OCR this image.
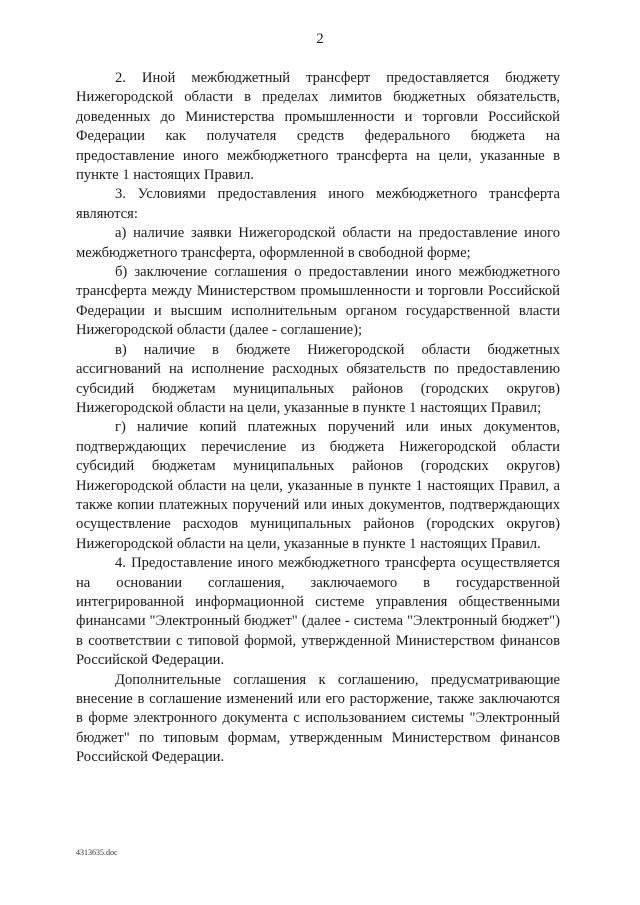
2

2. Иной межбюджетный трансферт предоставляется бюджету Нижегородской области в пределах лимитов бюджетных обязательств, доведенных до Министерства промышленности и торговли Российской Федерации как получателя средств федерального бюджета на предоставление иного межбюджетного трансферта на цели, указанные в пункте 1 настоящих Правил.

3. Условиями предоставления иного межбюджетного трансферта являются:

а) наличие заявки Нижегородской области на предоставление иного межбюджетного трансферта, оформленной в свободной форме;

б) заключение соглашения о предоставлении иного межбюджетного трансферта между Министерством промышленности и торговли Российской Федерации и высшим исполнительным органом государственной власти Нижегородской области (далее - соглашение);

в) наличие в бюджете Нижегородской области бюджетных ассигнований на исполнение расходных обязательств по предоставлению субсидий бюджетам муниципальных районов (городских округов) Нижегородской области на цели, указанные в пункте 1 настоящих Правил;

г) наличие копий платежных поручений или иных документов, подтверждающих перечисление из бюджета Нижегородской области субсидий бюджетам муниципальных районов (городских округов) Нижегородской области на цели, указанные в пункте 1 настоящих Правил, а также копии платежных поручений или иных документов, подтверждающих осуществление расходов муниципальных районов (городских округов) Нижегородской области на цели, указанные в пункте 1 настоящих Правил.

4. Предоставление иного межбюджетного трансферта осуществляется на основании соглашения, заключаемого в государственной интегрированной информационной системе управления общественными финансами "Электронный бюджет" (далее - система "Электронный бюджет") в соответствии с типовой формой, утвержденной Министерством финансов Российской Федерации.

Дополнительные соглашения к соглашению, предусматривающие внесение в соглашение изменений или его расторжение, также заключаются в форме электронного документа с использованием системы "Электронный бюджет" по типовым формам, утвержденным Министерством финансов Российской Федерации.

4313635.doc
